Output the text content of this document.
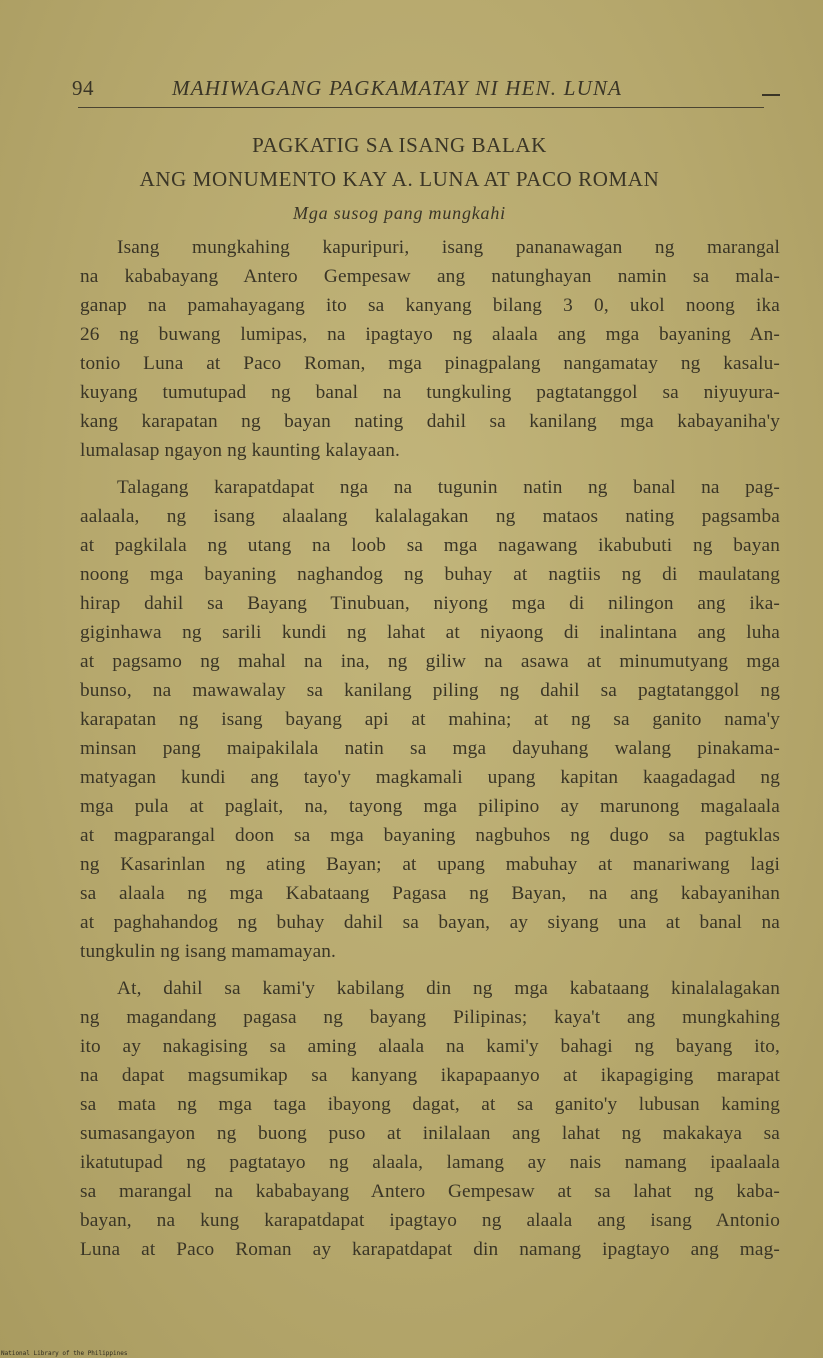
94	MAHIWAGANG PAGKAMATAY NI HEN. LUNA
PAGKATIG SA ISANG BALAK
ANG MONUMENTO KAY A. LUNA AT PACO ROMAN
Mga susog pang mungkahi
Isang mungkahing kapuripuri, isang pananawagan ng marangal
na kababayang Antero Gempesaw ang natunghayan namin sa mala-
ganap na pamahayagang ito sa kanyang bilang 3 0, ukol noong ika
26 ng buwang lumipas, na ipagtayo ng alaala ang mga bayaning An-
tonio Luna at Paco Roman, mga pinagpalang nangamatay ng kasalu-
kuyang tumutupad ng banal na tungkuling pagtatanggol sa niyuyura-
kang karapatan ng bayan nating dahil sa kanilang mga kabayaniha'y
lumalasap ngayon ng kaunting kalayaan.
Talagang karapatdapat nga na tugunin natin ng banal na pag-
aalaala, ng isang alaalang kalalagakan ng mataos nating pagsamba
at pagkilala ng utang na loob sa mga nagawang ikabubuti ng bayan
noong mga bayaning naghandog ng buhay at nagtiis ng di maulatang
hirap dahil sa Bayang Tinubuan, niyong mga di nilingon ang ika-
giginhawa ng sarili kundi ng lahat at niyaong di inalintana ang luha
at pagsamo ng mahal na ina, ng giliw na asawa at minumutyang mga
bunso, na mawawalay sa kanilang piling ng dahil sa pagtatanggol ng
karapatan ng isang bayang api at mahina; at ng sa ganito nama'y
minsan pang maipakilala natin sa mga dayuhang walang pinakama-
matyagan kundi ang tayo'y magkamali upang kapitan kaagadagad ng
mga pula at paglait, na, tayong mga pilipino ay marunong magalaala
at magparangal doon sa mga bayaning nagbuhos ng dugo sa pagtuklas
ng Kasarinlan ng ating Bayan; at upang mabuhay at manariwang lagi
sa alaala ng mga Kabataang Pagasa ng Bayan, na ang kabayanihan
at paghahandog ng buhay dahil sa bayan, ay siyang una at banal na
tungkulin ng isang mamamayan.
At, dahil sa kami'y kabilang din ng mga kabataang kinalalagakan
ng magandang pagasa ng bayang Pilipinas; kaya't ang mungkahing
ito ay nakagising sa aming alaala na kami'y bahagi ng bayang ito,
na dapat magsumikap sa kanyang ikapapaanyo at ikapagiging marapat
sa mata ng mga taga ibayong dagat, at sa ganito'y lubusan kaming
sumasangayon ng buong puso at inilalaan ang lahat ng makakaya sa
ikatutupad ng pagtatayo ng alaala, lamang ay nais namang ipaalaala
sa marangal na kababayang Antero Gempesaw at sa lahat ng kaba-
bayan, na kung karapatdapat ipagtayo ng alaala ang isang Antonio
Luna at Paco Roman ay karapatdapat din namang ipagtayo ang mag-
National Library of the Philippines
